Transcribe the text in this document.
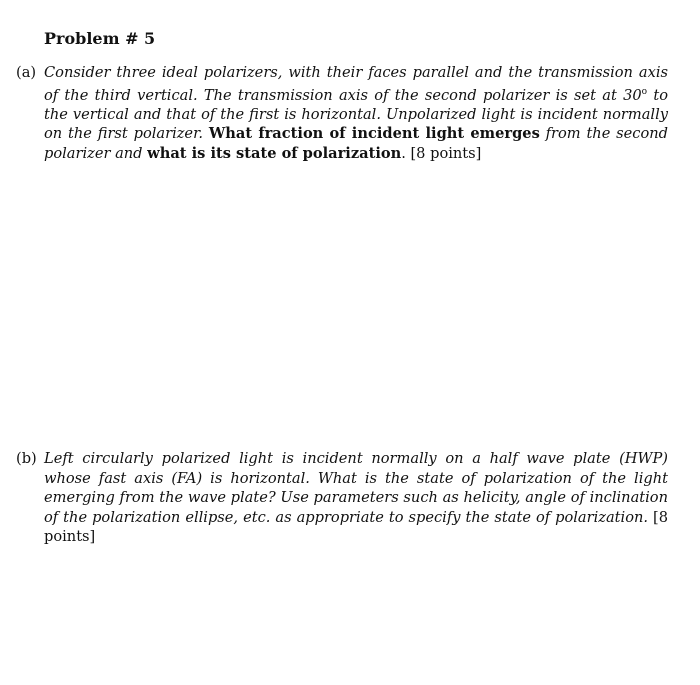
Problem # 5
(a) Consider three ideal polarizers, with their faces parallel and the transmission axis of the third vertical. The transmission axis of the second polarizer is set at 30$^o$ to the vertical and that of the first is horizontal. Unpolarized light is incident normally on the first polarizer. What fraction of incident light emerges from the second polarizer and what is its state of polarization. [8 points]
(b) Left circularly polarized light is incident normally on a half wave plate (HWP) whose fast axis (FA) is horizontal. What is the state of polarization of the light emerging from the wave plate? Use parameters such as helicity, angle of inclination of the polarization ellipse, etc. as appropriate to specify the state of polarization. [8 points]
